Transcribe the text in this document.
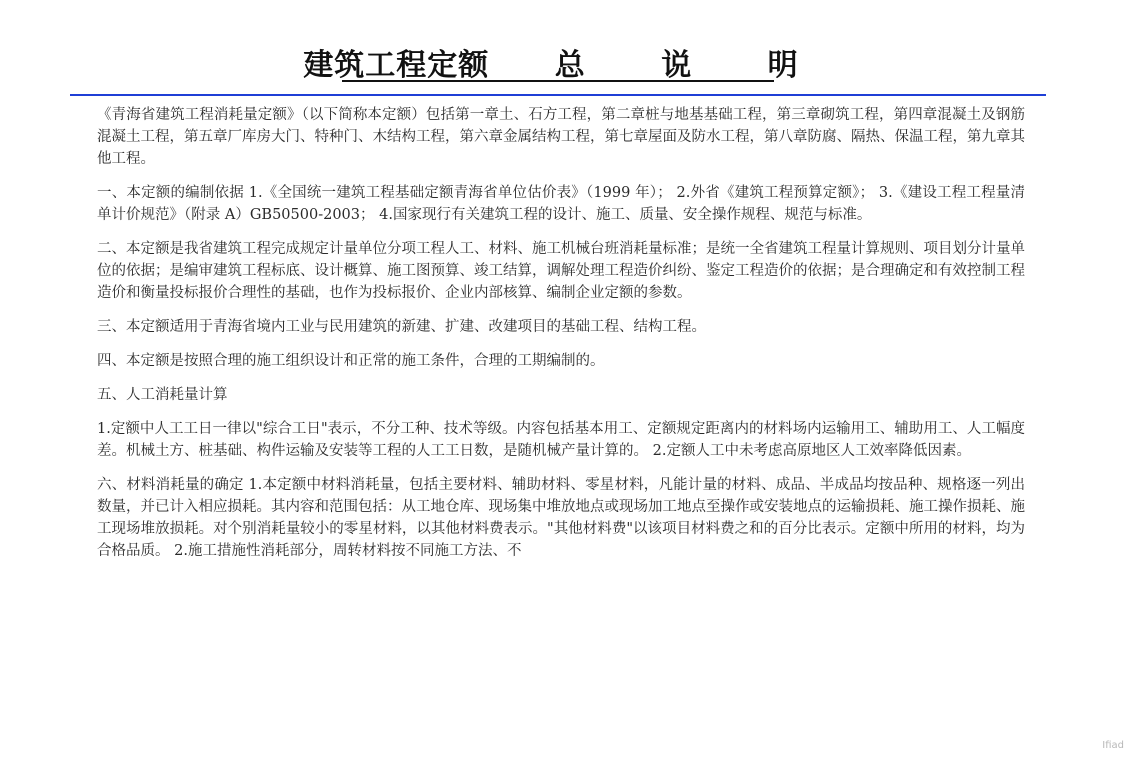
建筑工程定额 总	说	明

《青海省建筑工程消耗量定额》（以下简称本定额）包括第一章土、石方工程，第二章桩与地基基础工程，第三章砌筑工程，第四章混凝土及钢筋混凝土工程，第五章厂库房大门、特种门、木结构工程，第六章金属结构工程，第七章屋面及防水工程，第八章防腐、隔热、保温工程，第九章其他工程。

一、本定额的编制依据 1.《全国统一建筑工程基础定额青海省单位估价表》（1999 年）； 2.外省《建筑工程预算定额》； 3.《建设工程工程量清单计价规范》（附录 A）GB50500-2003； 4.国家现行有关建筑工程的设计、施工、质量、安全操作规程、规范与标准。

二、本定额是我省建筑工程完成规定计量单位分项工程人工、材料、施工机械台班消耗量标准；是统一全省建筑工程量计算规则、项目划分计量单位的依据；是编审建筑工程标底、设计概算、施工图预算、竣工结算，调解处理工程造价纠纷、鉴定工程造价的依据；是合理确定和有效控制工程造价和衡量投标报价合理性的基础，也作为投标报价、企业内部核算、编制企业定额的参数。

三、本定额适用于青海省境内工业与民用建筑的新建、扩建、改建项目的基础工程、结构工程。

四、本定额是按照合理的施工组织设计和正常的施工条件，合理的工期编制的。

五、人工消耗量计算

1.定额中人工工日一律以"综合工日"表示，不分工种、技术等级。内容包括基本用工、定额规定距离内的材料场内运输用工、辅助用工、人工幅度差。机械土方、桩基础、构件运输及安装等工程的人工工日数，是随机械产量计算的。 2.定额人工中未考虑高原地区人工效率降低因素。

六、材料消耗量的确定 1.本定额中材料消耗量，包括主要材料、辅助材料、零星材料，凡能计量的材料、成品、半成品均按品种、规格逐一列出数量，并已计入相应损耗。其内容和范围包括：从工地仓库、现场集中堆放地点或现场加工地点至操作或安装地点的运输损耗、施工操作损耗、施工现场堆放损耗。对个别消耗量较小的零星材料，以其他材料费表示。"其他材料费"以该项目材料费之和的百分比表示。定额中所用的材料，均为合格品质。 2.施工措施性消耗部分，周转材料按不同施工方法、不

Ifiad
